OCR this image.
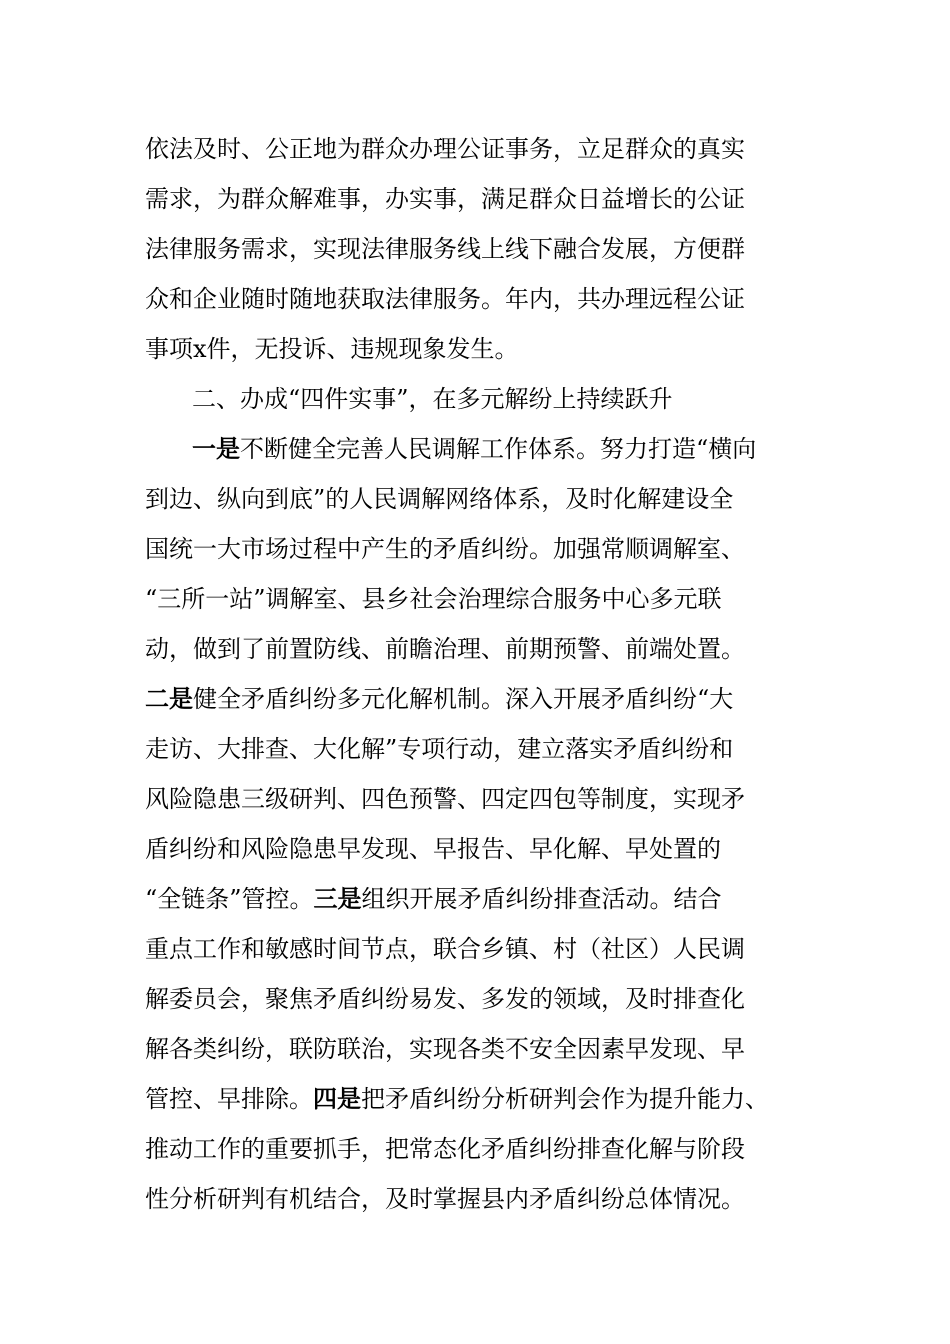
依法及时、公正地为群众办理公证事务，立足群众的真实
需求，为群众解难事，办实事，满足群众日益增长的公证
法律服务需求，实现法律服务线上线下融合发展，方便群
众和企业随时随地获取法律服务。年内，共办理远程公证
事项x件，无投诉、违规现象发生。
二、办成“四件实事”，在多元解纷上持续跃升
一是不断健全完善人民调解工作体系。努力打造“横向
到边、纵向到底”的人民调解网络体系，及时化解建设全
国统一大市场过程中产生的矛盾纠纷。加强常顺调解室、
“三所一站”调解室、县乡社会治理综合服务中心多元联
动，做到了前置防线、前瞻治理、前期预警、前端处置。
二是健全矛盾纠纷多元化解机制。深入开展矛盾纠纷“大
走访、大排查、大化解”专项行动，建立落实矛盾纠纷和
风险隐患三级研判、四色预警、四定四包等制度，实现矛
盾纠纷和风险隐患早发现、早报告、早化解、早处置的
“全链条”管控。三是组织开展矛盾纠纷排查活动。结合
重点工作和敏感时间节点，联合乡镇、村（社区）人民调
解委员会，聚焦矛盾纠纷易发、多发的领域，及时排查化
解各类纠纷，联防联治，实现各类不安全因素早发现、早
管控、早排除。四是把矛盾纠纷分析研判会作为提升能力、
推动工作的重要抓手，把常态化矛盾纠纷排查化解与阶段
性分析研判有机结合，及时掌握县内矛盾纠纷总体情况。
